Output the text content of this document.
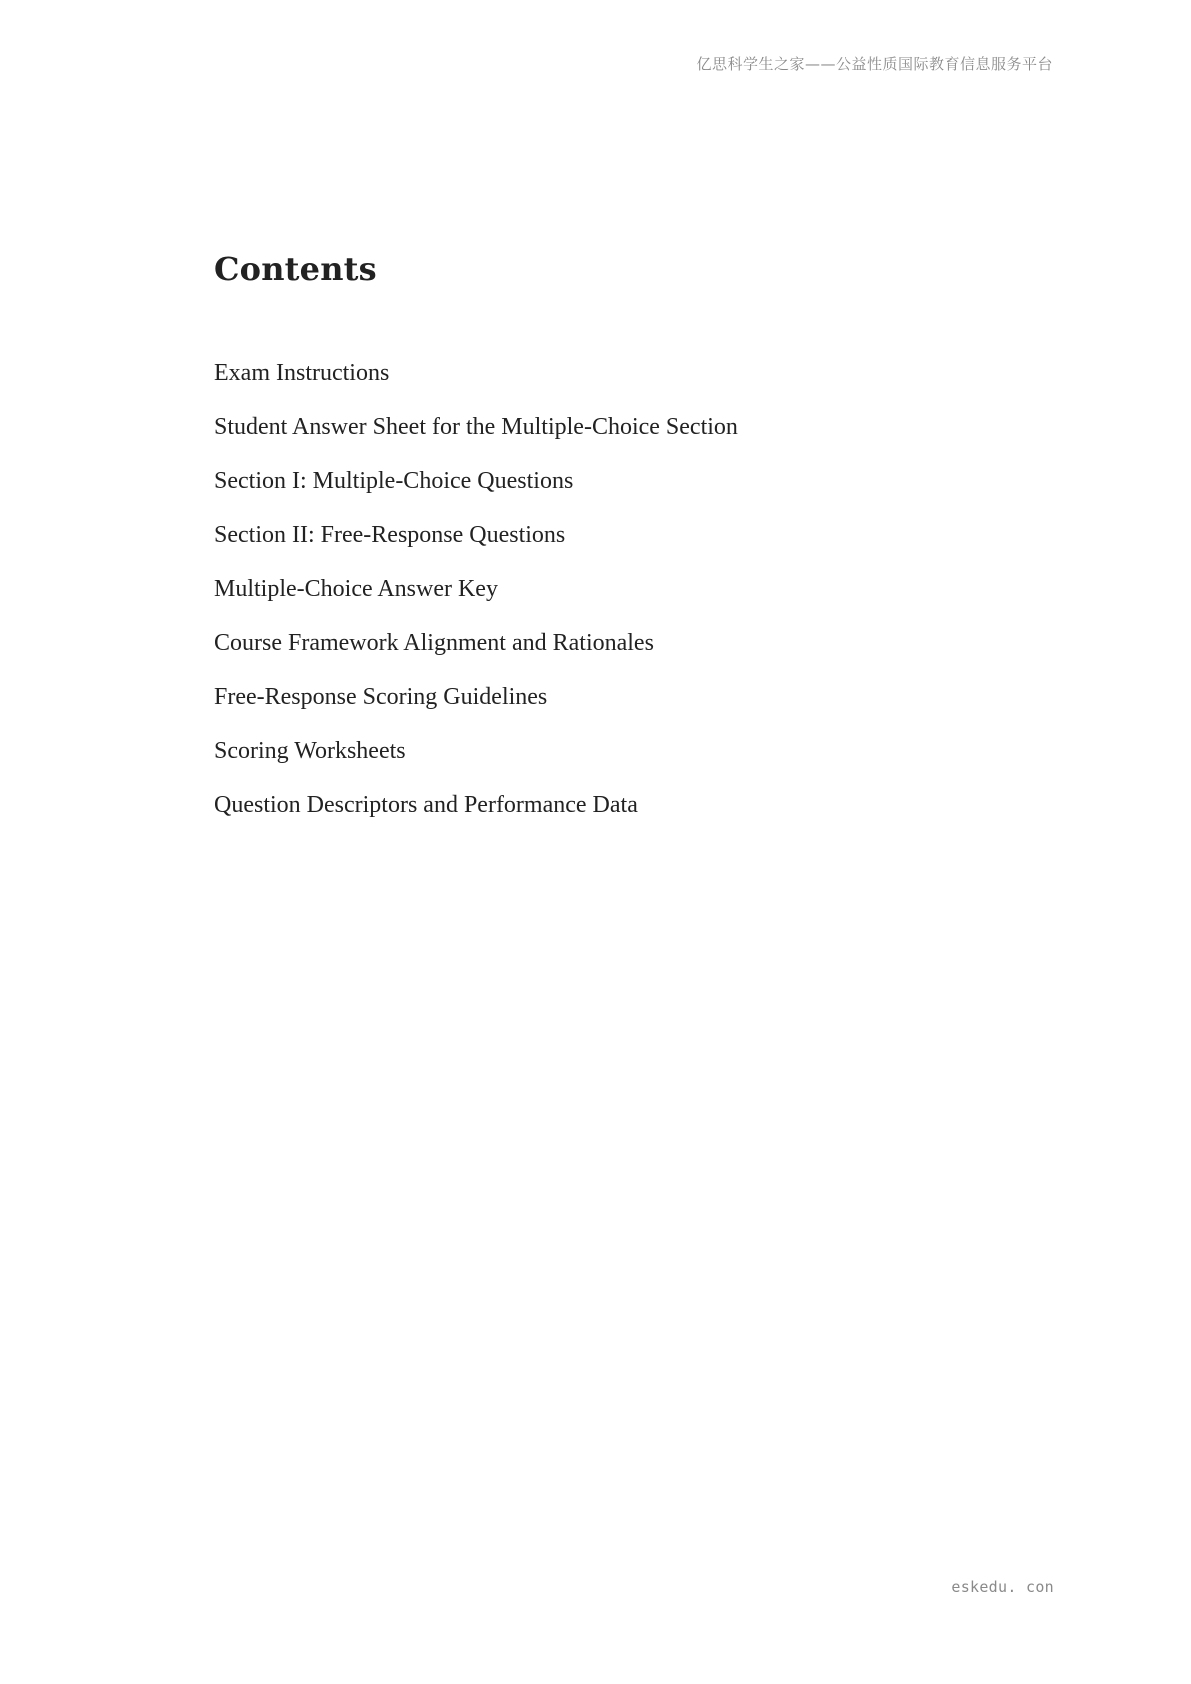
亿思科学生之家——公益性质国际教育信息服务平台
Contents
Exam Instructions
Student Answer Sheet for the Multiple-Choice Section
Section I: Multiple-Choice Questions
Section II: Free-Response Questions
Multiple-Choice Answer Key
Course Framework Alignment and Rationales
Free-Response Scoring Guidelines
Scoring Worksheets
Question Descriptors and Performance Data
eskedu. con
